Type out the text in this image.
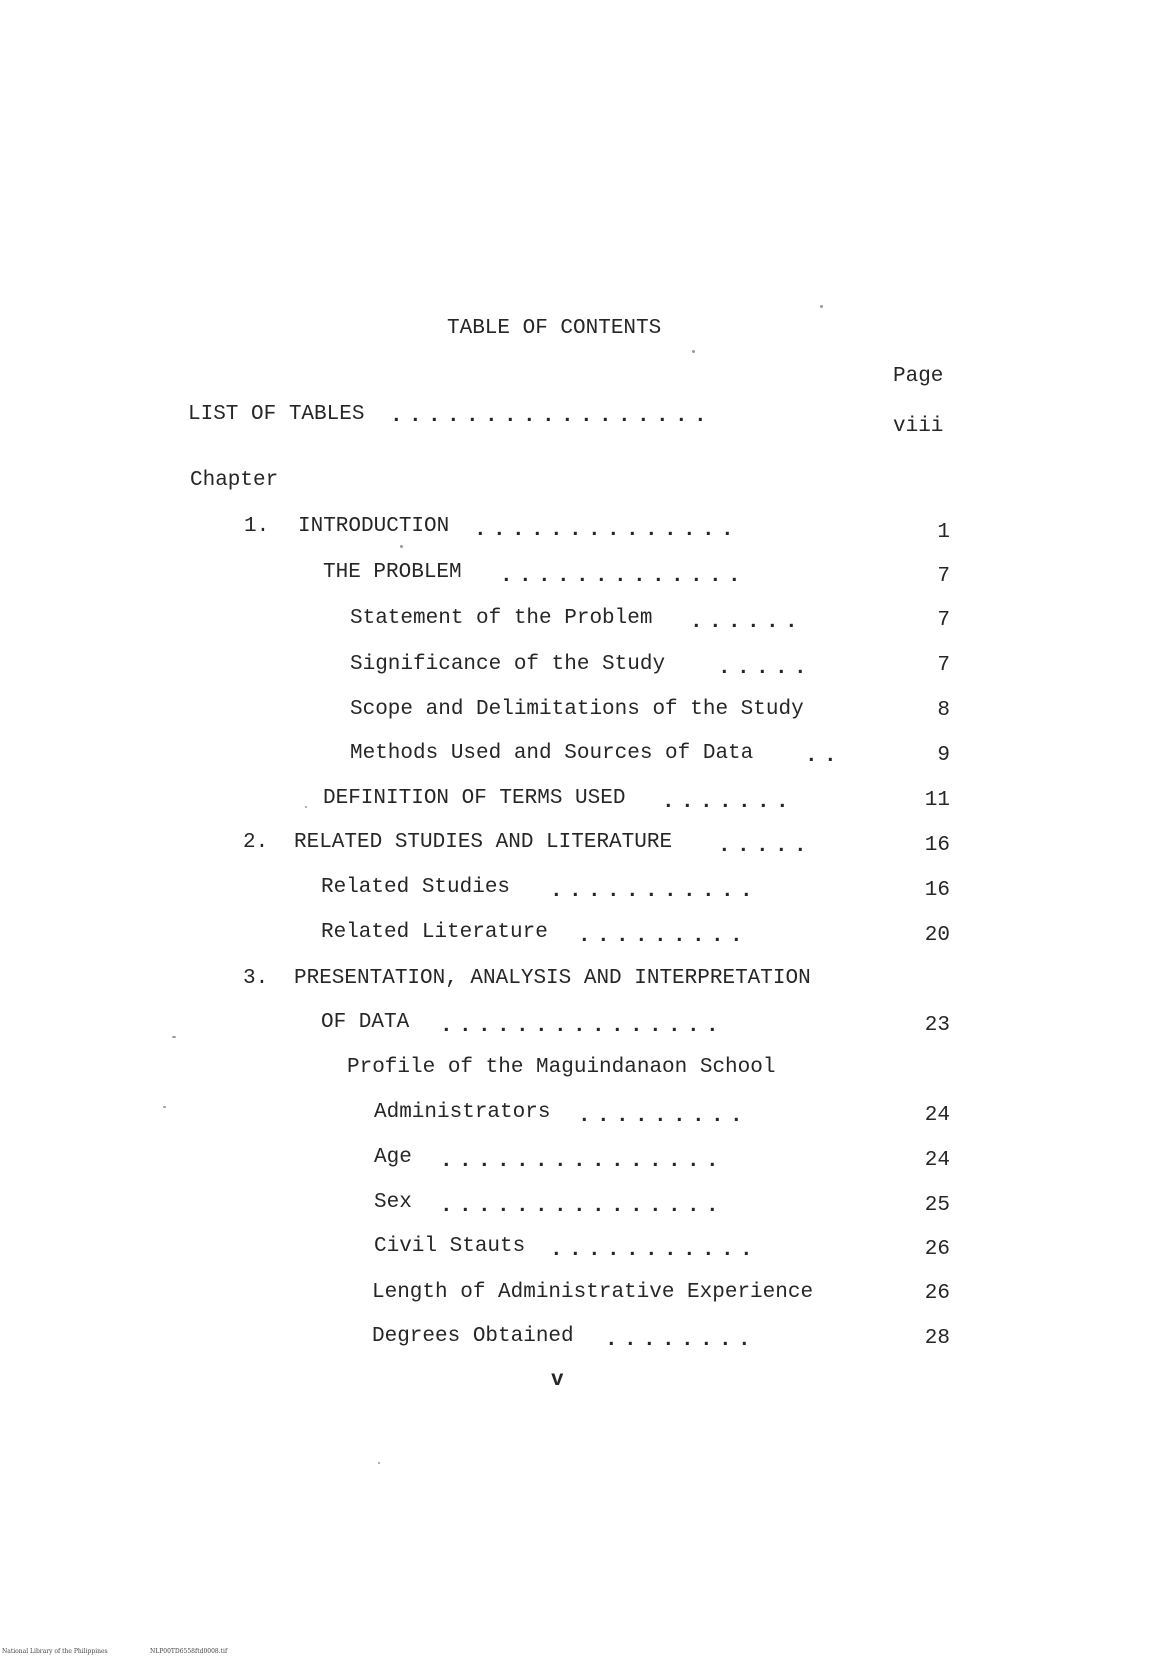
TABLE OF CONTENTS
Page
LIST OF TABLES .................	viii
Chapter
1. INTRODUCTION ..............	1
THE PROBLEM .............	7
Statement of the Problem ......	7
Significance of the Study	.....	7
Scope and Delimitations of the Study	8
Methods Used and Sources of Data ..	9
DEFINITION OF TERMS USED .......	11
2. RELATED STUDIES AND LITERATURE .....	16
Related Studies ...........	16
Related Literature .........	20
3. PRESENTATION, ANALYSIS AND INTERPRETATION
OF DATA ...............	23
Profile of the Maguindanaon School
Administrators .........	24
Age ...............	24
Sex ...............	25
Civil Stauts ...........	26
Length of Administrative Experience	26
Degrees Obtained ........	28
v
National Library of the Philippines	NLP00TD6558ftd0008.tif
